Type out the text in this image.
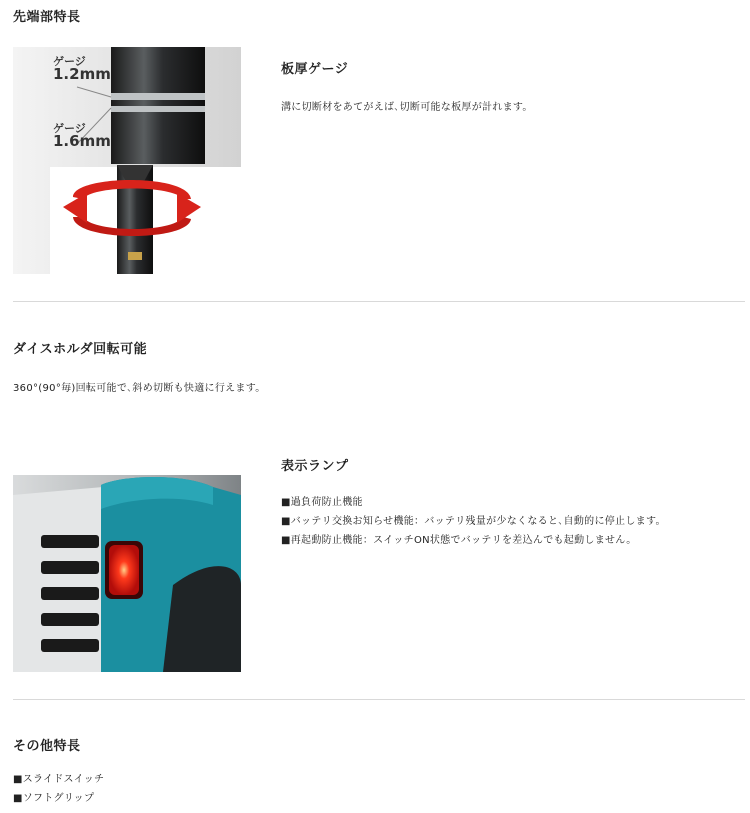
先端部特長
ゲージ
1.2mm
ゲージ
1.6mm
板厚ゲージ
溝に切断材をあてがえば､切断可能な板厚が計れます。
ダイスホルダ回転可能
360°(90°毎)回転可能で､斜め切断も快適に行えます。
表示ランプ
■過負荷防止機能
■バッテリ交換お知らせ機能：バッテリ残量が少なくなると､自動的に停止します。
■再起動防止機能：スイッチON状態でバッテリを差込んでも起動しません。
その他特長
■スライドスイッチ
■ソフトグリップ
